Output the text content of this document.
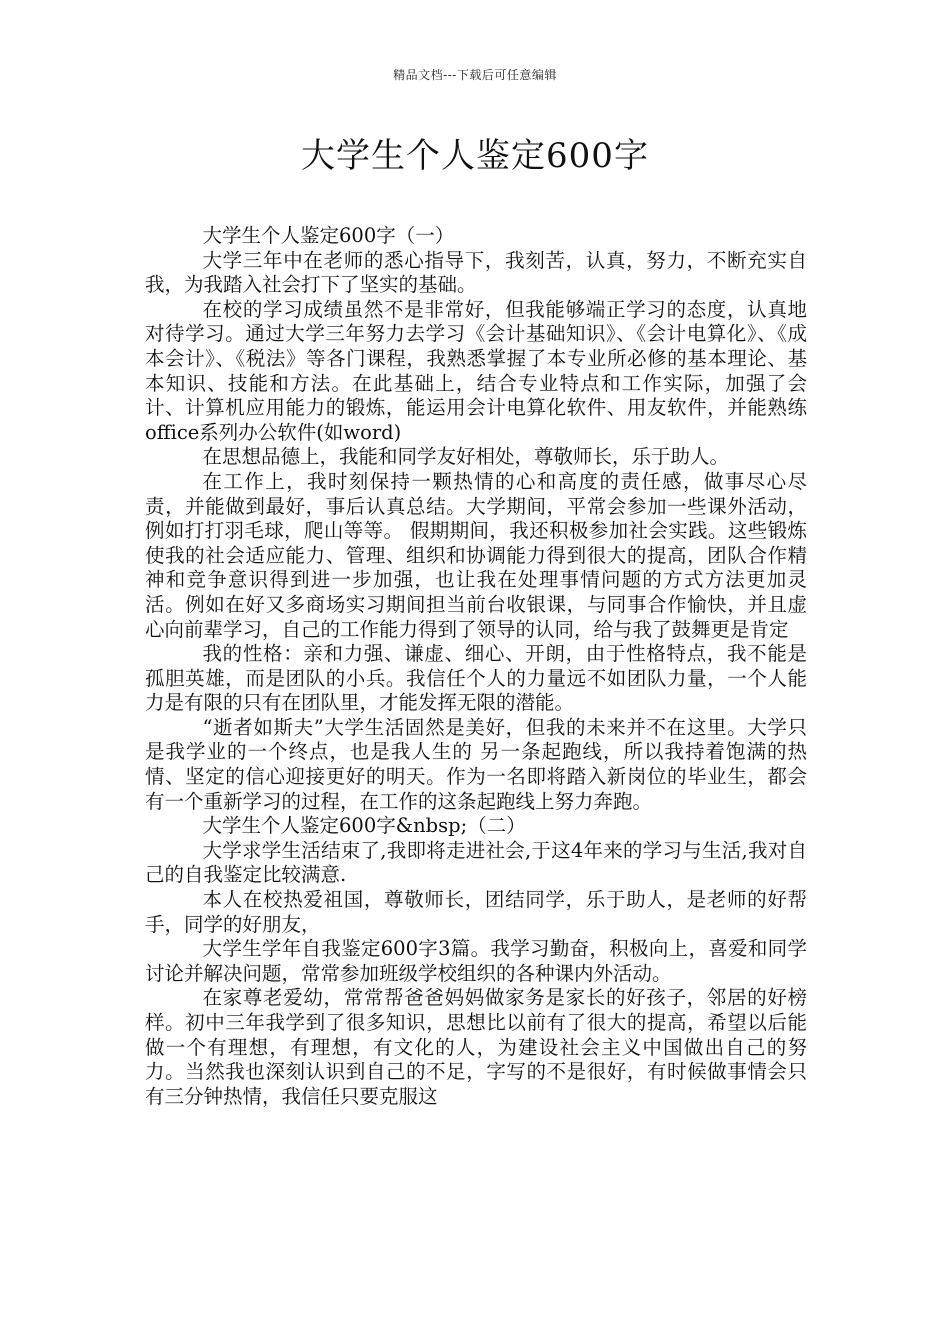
精品文档---下载后可任意编辑
大学生个人鉴定600字

大学生个人鉴定600字（一）

大学三年中在老师的悉心指导下，我刻苦，认真，努力，不断充实自我，为我踏入社会打下了坚实的基础。

在校的学习成绩虽然不是非常好，但我能够端正学习的态度，认真地对待学习。通过大学三年努力去学习《会计基础知识》、《会计电算化》、《成本会计》、《税法》等各门课程，我熟悉掌握了本专业所必修的基本理论、基本知识、技能和方法。在此基础上，结合专业特点和工作实际，加强了会计、计算机应用能力的锻炼，能运用会计电算化软件、用友软件，并能熟练office系列办公软件(如word)

在思想品德上，我能和同学友好相处，尊敬师长，乐于助人。

在工作上，我时刻保持一颗热情的心和高度的责任感，做事尽心尽责，并能做到最好，事后认真总结。大学期间，平常会参加一些课外活动，例如打打羽毛球，爬山等等。 假期期间，我还积极参加社会实践。这些锻炼使我的社会适应能力、管理、组织和协调能力得到很大的提高，团队合作精神和竞争意识得到进一步加强，也让我在处理事情问题的方式方法更加灵活。例如在好又多商场实习期间担当前台收银课，与同事合作愉快，并且虚心向前辈学习，自己的工作能力得到了领导的认同，给与我了鼓舞更是肯定

我的性格：亲和力强、谦虚、细心、开朗，由于性格特点，我不能是孤胆英雄，而是团队的小兵。我信任个人的力量远不如团队力量，一个人能力是有限的只有在团队里，才能发挥无限的潜能。

“逝者如斯夫”大学生活固然是美好，但我的未来并不在这里。大学只是我学业的一个终点，也是我人生的 另一条起跑线，所以我持着饱满的热情、坚定的信心迎接更好的明天。作为一名即将踏入新岗位的毕业生，都会有一个重新学习的过程，在工作的这条起跑线上努力奔跑。

大学生个人鉴定600字&nbsp;（二）

大学求学生活结束了,我即将走进社会,于这4年来的学习与生活,我对自己的自我鉴定比较满意.

本人在校热爱祖国，尊敬师长，团结同学，乐于助人，是老师的好帮手，同学的好朋友，

大学生学年自我鉴定600字3篇。我学习勤奋，积极向上，喜爱和同学讨论并解决问题，常常参加班级学校组织的各种课内外活动。

在家尊老爱幼，常常帮爸爸妈妈做家务是家长的好孩子，邻居的好榜样。初中三年我学到了很多知识，思想比以前有了很大的提高，希望以后能做一个有理想，有理想，有文化的人，为建设社会主义中国做出自己的努力。当然我也深刻认识到自己的不足，字写的不是很好，有时候做事情会只有三分钟热情，我信任只要克服这
